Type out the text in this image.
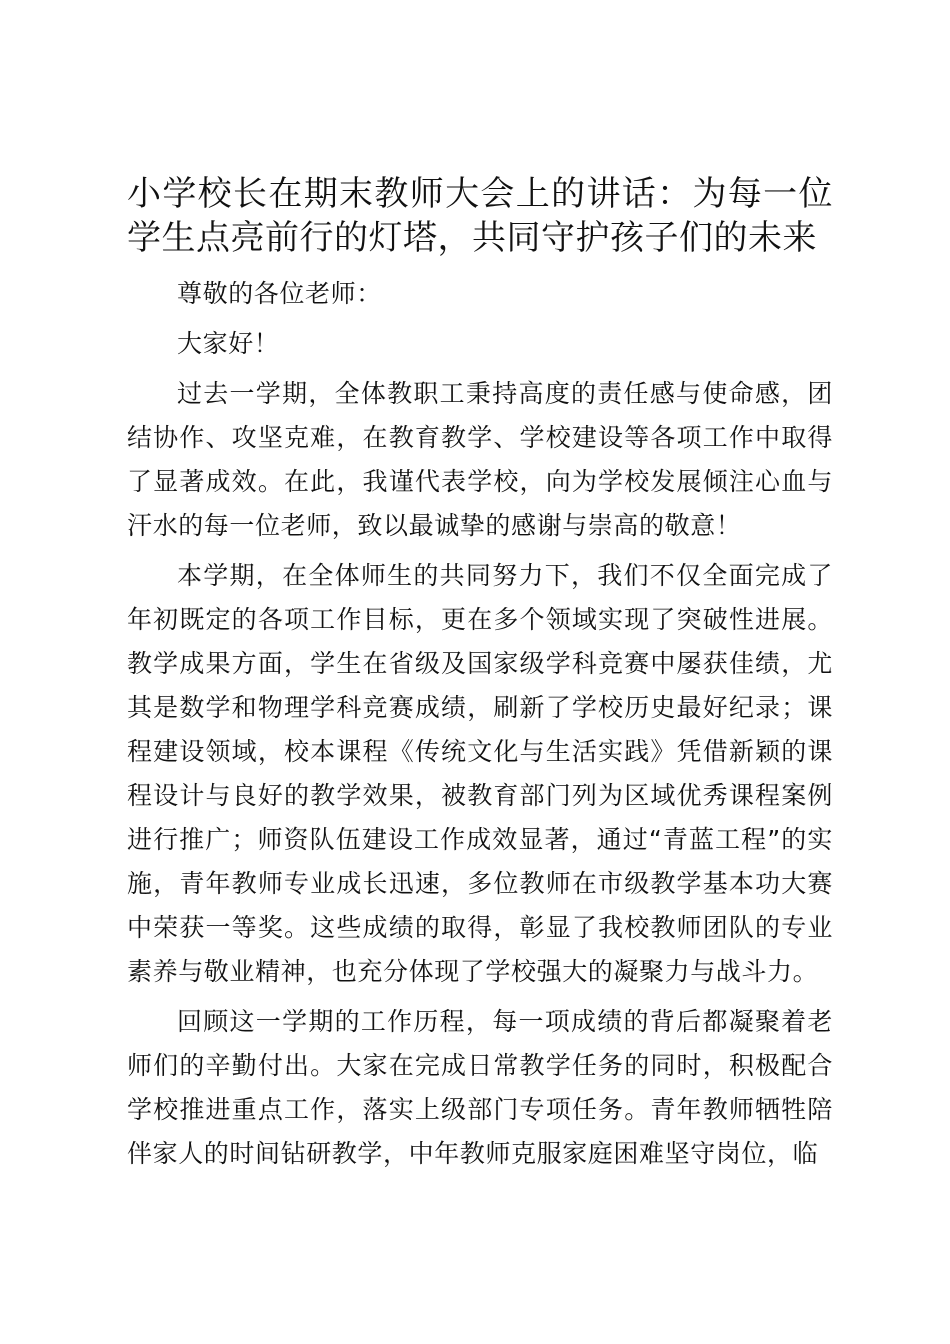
小学校长在期末教师大会上的讲话：为每一位学生点亮前行的灯塔，共同守护孩子们的未来

尊敬的各位老师：

大家好！

过去一学期，全体教职工秉持高度的责任感与使命感，团结协作、攻坚克难，在教育教学、学校建设等各项工作中取得了显著成效。在此，我谨代表学校，向为学校发展倾注心血与汗水的每一位老师，致以最诚挚的感谢与崇高的敬意！

本学期，在全体师生的共同努力下，我们不仅全面完成了年初既定的各项工作目标，更在多个领域实现了突破性进展。教学成果方面，学生在省级及国家级学科竞赛中屡获佳绩，尤其是数学和物理学科竞赛成绩，刷新了学校历史最好纪录；课程建设领域，校本课程《传统文化与生活实践》凭借新颖的课程设计与良好的教学效果，被教育部门列为区域优秀课程案例进行推广；师资队伍建设工作成效显著，通过“青蓝工程”的实施，青年教师专业成长迅速，多位教师在市级教学基本功大赛中荣获一等奖。这些成绩的取得，彰显了我校教师团队的专业素养与敬业精神，也充分体现了学校强大的凝聚力与战斗力。

回顾这一学期的工作历程，每一项成绩的背后都凝聚着老师们的辛勤付出。大家在完成日常教学任务的同时，积极配合学校推进重点工作，落实上级部门专项任务。青年教师牺牲陪伴家人的时间钻研教学，中年教师克服家庭困难坚守岗位，临
